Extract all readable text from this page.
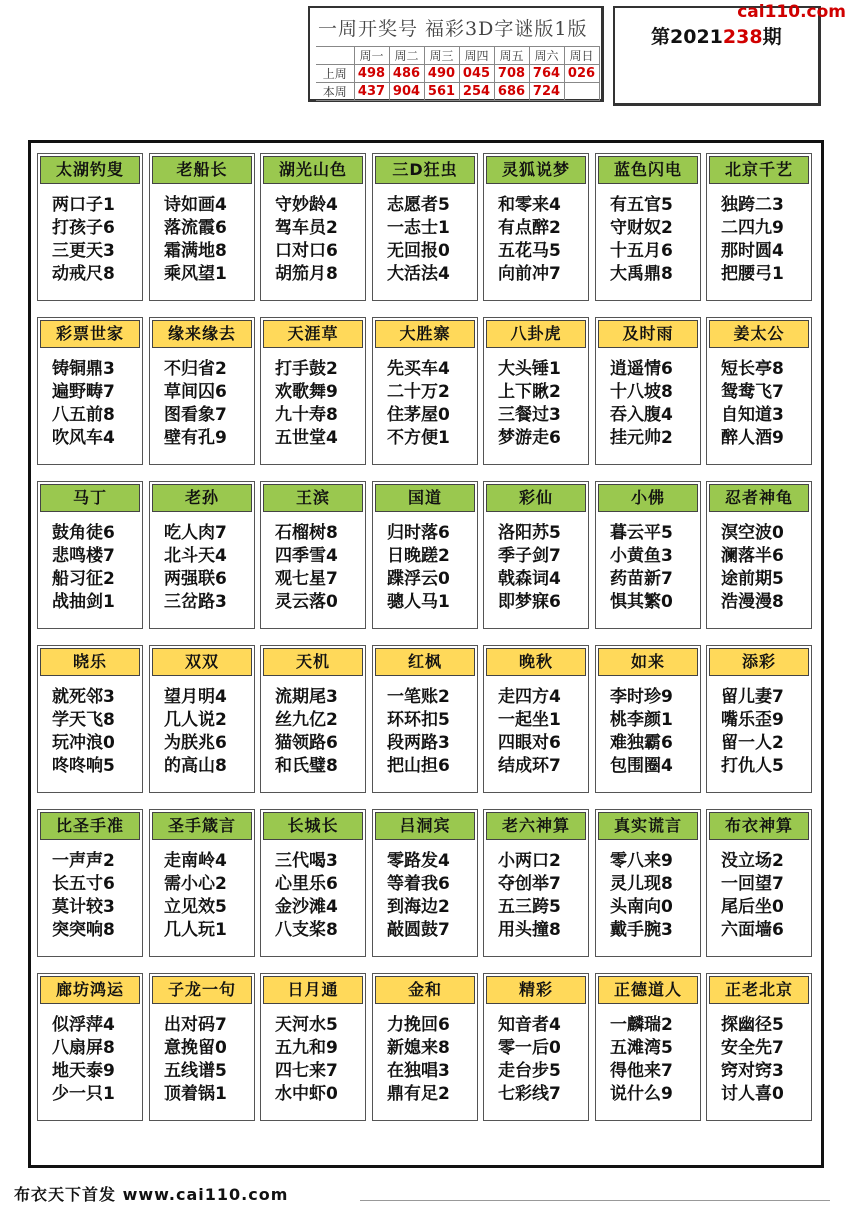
一周开奖号 福彩3D字谜版1版
	周一	周二	周三	周四	周五	周六	周日
上周	498	486	490	045	708	764	026
本周	437	904	561	254	686	724	
第2021238期
cai110.com
太湖钓叟
两口子1
打孩子6
三更天3
动戒尺8
老船长
诗如画4
落流霞6
霜满地8
乘风望1
湖光山色
守妙龄4
驾车员2
口对口6
胡笳月8
三D狂虫
志愿者5
一志士1
无回报0
大活法4
灵狐说梦
和零来4
有点醉2
五花马5
向前冲7
蓝色闪电
有五官5
守财奴2
十五月6
大禹鼎8
北京千艺
独跨二3
二四九9
那时圆4
把腰弓1
彩票世家
铸铜鼎3
遍野畴7
八五前8
吹风车4
缘来缘去
不归省2
草间囚6
图看象7
壁有孔9
天涯草
打手鼓2
欢歌舞9
九十寿8
五世堂4
大胜寨
先买车4
二十万2
住茅屋0
不方便1
八卦虎
大头锤1
上下瞅2
三餐过3
梦游走6
及时雨
逍遥情6
十八坡8
吞入腹4
挂元帅2
姜太公
短长亭8
鸳鸯飞7
自知道3
醉人酒9
马丁
鼓角徒6
悲鸣楼7
船习征2
战抽剑1
老孙
吃人肉7
北斗天4
两强联6
三岔路3
王滨
石榴树8
四季雪4
观七星7
灵云落0
国道
归时落6
日晚蹉2
蹀浮云0
骢人马1
彩仙
洛阳苏5
季子剑7
戟森词4
即梦寐6
小佛
暮云平5
小黄鱼3
药苗新7
惧其繁0
忍者神龟
溟空波0
澜落半6
途前期5
浩漫漫8
晓乐
就死邻3
学天飞8
玩冲浪0
咚咚响5
双双
望月明4
几人说2
为朕兆6
的高山8
天机
流期尾3
丝九亿2
猫领路6
和氏璧8
红枫
一笔账2
环环扣5
段两路3
把山担6
晚秋
走四方4
一起坐1
四眼对6
结成环7
如来
李时珍9
桃李颜1
难独霸6
包围圈4
添彩
留儿妻7
嘴乐歪9
留一人2
打仇人5
比圣手准
一声声2
长五寸6
莫计较3
突突响8
圣手箴言
走南岭4
需小心2
立见效5
几人玩1
长城长
三代喝3
心里乐6
金沙滩4
八支桨8
吕洞宾
零路发4
等着我6
到海边2
敲圆鼓7
老六神算
小两口2
夺创举7
五三跨5
用头撞8
真实谎言
零八来9
灵儿现8
头南向0
戴手腕3
布衣神算
没立场2
一回望7
尾后坐0
六面墙6
廊坊鸿运
似浮萍4
八扇屏8
地天泰9
少一只1
子龙一句
出对码7
意挽留0
五线谱5
顶着锅1
日月通
天河水5
五九和9
四七来7
水中虾0
金和
力挽回6
新媳来8
在独唱3
鼎有足2
精彩
知音者4
零一后0
走台步5
七彩线7
正德道人
一麟瑞2
五滩湾5
得他来7
说什么9
正老北京
探幽径5
安全先7
窍对窍3
讨人喜0
布衣天下首发 www.cai110.com
